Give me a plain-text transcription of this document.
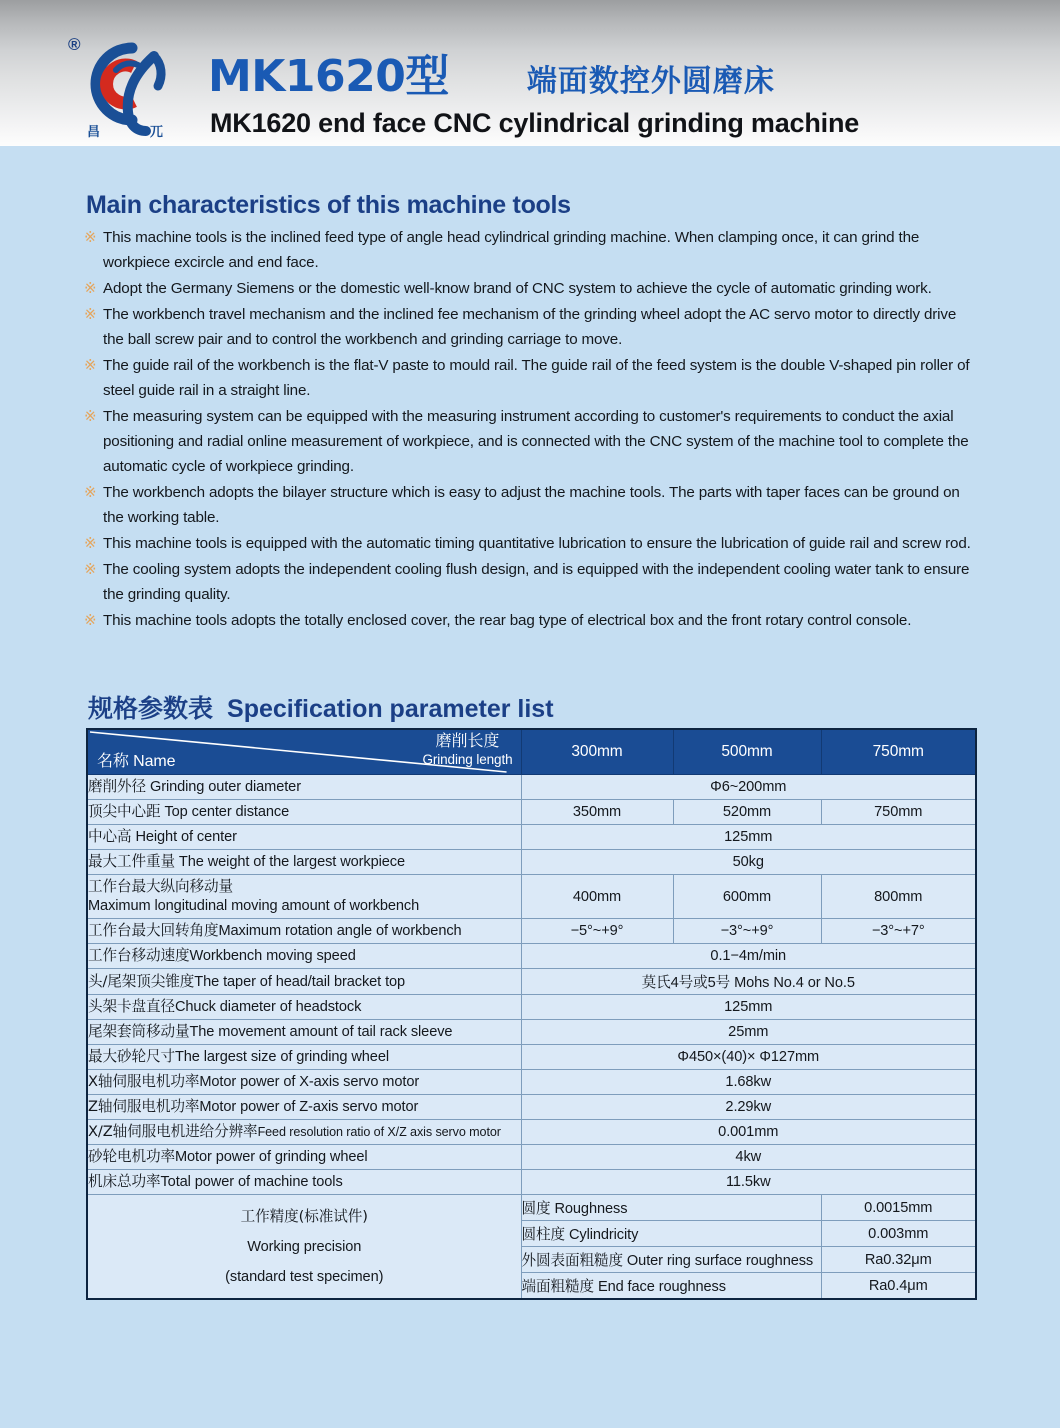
®
昌	兀
MK1620型	端面数控外圆磨床
MK1620 end face CNC cylindrical grinding machine
Main characteristics of this machine tools
※ This machine tools is the inclined feed type of angle head cylindrical grinding machine. When clamping once, it can grind the workpiece excircle and end face.
※ Adopt the Germany Siemens or the domestic well-know brand of CNC system to achieve the cycle of automatic grinding work.
※ The workbench travel mechanism and the inclined fee mechanism of the grinding wheel adopt the AC servo motor to directly drive the ball screw pair and to control the workbench and grinding carriage to move.
※ The guide rail of the workbench is the flat-V paste to mould rail. The guide rail of the feed system is the double V-shaped pin roller of steel guide rail in a straight line.
※ The measuring system can be equipped with the measuring instrument according to customer's requirements to conduct the axial positioning and radial online measurement of workpiece, and is connected with the CNC system of the machine tool to complete the automatic cycle of workpiece grinding.
※ The workbench adopts the bilayer structure which is easy to adjust the machine tools. The parts with taper faces can be ground on the working table.
※ This machine tools is equipped with the automatic timing quantitative lubrication to ensure the lubrication of guide rail and screw rod.
※ The cooling system adopts the independent cooling flush design, and is equipped with the independent cooling water tank to ensure the grinding quality.
※ This machine tools adopts the totally enclosed cover, the rear bag type of electrical box and the front rotary control console.
规格参数表 Specification parameter list
名称 Name
磨削长度
Grinding length	300mm	500mm	750mm
磨削外径 Grinding outer diameter	Φ6~200mm		
顶尖中心距 Top center distance	350mm	520mm	750mm
中心高 Height of center	125mm		
最大工件重量 The weight of the largest workpiece	50kg		
工作台最大纵向移动量
Maximum longitudinal moving amount of workbench	400mm	600mm	800mm
工作台最大回转角度Maximum rotation angle of workbench	−5°~+9°	−3°~+9°	−3°~+7°
工作台移动速度Workbench moving speed	0.1−4m/min		
头/尾架顶尖锥度The taper of head/tail bracket top	莫氏4号或5号 Mohs No.4 or No.5		
头架卡盘直径Chuck diameter of headstock	125mm		
尾架套筒移动量The movement amount of tail rack sleeve	25mm		
最大砂轮尺寸The largest size of grinding wheel	Φ450×(40)× Φ127mm		
X轴伺服电机功率Motor power of X-axis servo motor	1.68kw		
Z轴伺服电机功率Motor power of Z-axis servo motor	2.29kw		
X/Z轴伺服电机进给分辨率Feed resolution ratio of X/Z axis servo motor	0.001mm		
砂轮电机功率Motor power of grinding wheel	4kw		
机床总功率Total power of machine tools	11.5kw		

工作精度(标准试件)
Working precision
(standard test specimen)	圆度 Roughness		0.0015mm
	圆柱度 Cylindricity		0.003mm
	外圆表面粗糙度 Outer ring surface roughness		Ra0.32μm
	端面粗糙度 End face roughness		Ra0.4μm
